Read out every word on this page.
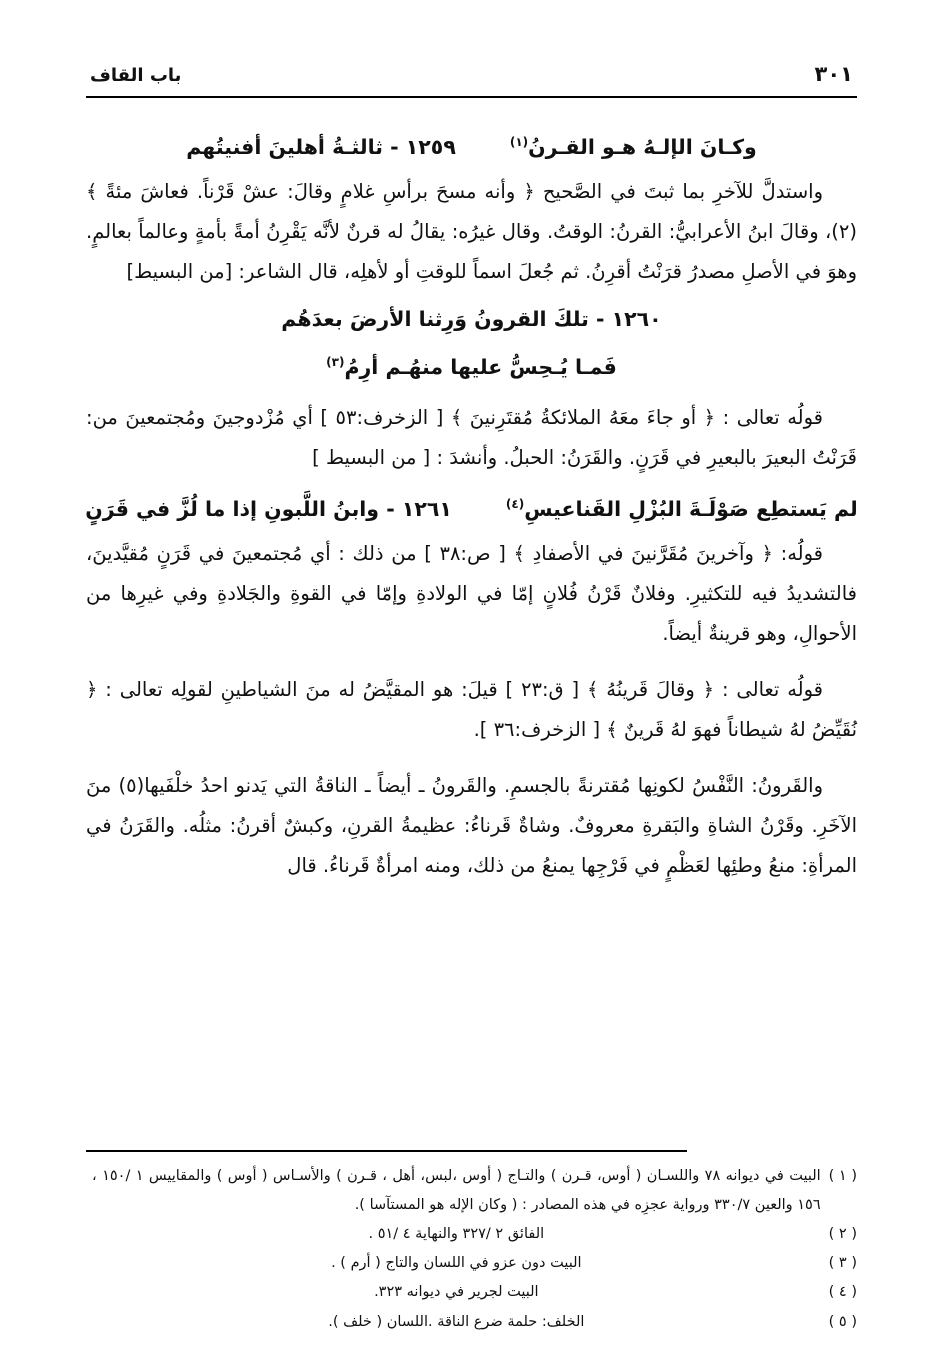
٣٠١
باب القاف
وكـانَ الإلـهُ هـو القـرنُ$^{(١)}$
١٢٥٩ - ثالثـةُ أهلينَ أفنيتُهم

واستدلَّ للآخرِ بما ثبتَ في الصَّحيح ﴿ وأنه مسحَ برأسِ غلامٍ وقالَ: عشْ قَرْناً. فعاشَ مئةً ﴾(٢)، وقالَ ابنُ الأعرابيُّ: القرنُ: الوقتُ. وقال غيرُه: يقالُ له قرنٌ لأنَّه يَقْرِنُ أمةً بأمةٍ وعالماً بعالمٍ. وهوَ في الأصلِ مصدرُ قرَنْتُ أقرِنُ. ثم جُعلَ اسماً للوقتِ أو لأهلِه، قال الشاعر: [من البسيط]

١٢٦٠ - تلكَ القرونُ وَرِثنا الأرضَ بعدَهُم
فَمـا يُـحِسُّ عليها منهُـم أرِمُ$^{(٣)}$

قولُه تعالى : ﴿ أو جاءَ معَهُ الملائكةُ مُقتَرِنينَ ﴾ [ الزخرف:٥٣ ] أي مُزْدوجينَ ومُجتمعينَ من: قَرَنْتُ البعيرَ بالبعيرِ في قَرَنٍ. والقَرَنُ: الحبلُ. وأنشدَ : [ من البسيط ]

لم يَستطِع صَوْلَـةَ البُزْلِ القَناعيسِ$^{(٤)}$
١٢٦١ - وابنُ اللَّبونِ إذا ما لُزَّ في قَرَنٍ

قولُه: ﴿ وآخرينَ مُقَرَّنينَ في الأصفادِ ﴾ [ ص:٣٨ ] من ذلك : أي مُجتمعينَ في قَرَنٍ مُقيَّدينَ، فالتشديدُ فيه للتكثيرِ. وفلانٌ قَرْنُ فُلانٍ إمّا في الولادةِ وإمّا في القوةِ والجَلادةِ وفي غيرِها من الأحوالِ، وهو قرينةٌ أيضاً.

قولُه تعالى : ﴿ وقالَ قَرينُهُ ﴾ [ ق:٢٣ ] قيلَ: هو المقيَّضُ له منَ الشياطينِ لقولِه تعالى : ﴿ نُقَيِّضُ لهُ شيطاناً فهوَ لهُ قَرينٌ ﴾ [ الزخرف:٣٦ ].

والقَرونُ: النَّفْسُ لكونِها مُقترنةً بالجسمِ. والقَرونُ ـ أيضاً ـ الناقةُ التي يَدنو احدُ خلْفَيها(٥) منَ الآخَرِ. وقَرْنُ الشاةِ والبَقرةِ معروفٌ. وشاةٌ قَرناءُ: عظيمةُ القرنِ، وكبشٌ أقرنُ: مثلُه. والقَرَنُ في المرأةِ: منعُ وطئِها لعَظْمٍ في فَرْجِها يمنعُ من ذلك، ومنه امرأةٌ قَرناءُ. قال

( ١ )
البيت في ديوانه ٧٨ واللسـان ( أوس، قـرن ) والتـاج ( أوس ،لبس، أهل ، قـرن ) والأسـاس ( أوس ) والمقاييس ١ /١٥٠ ، ١٥٦ والعين ٣٣٠/٧ ورواية عجزِه في هذه المصادر : ( وكان الإله هو المستآسا ).
( ٢ )
الفائق ٢ /٣٢٧ والنهاية ٤ /٥١ .
( ٣ )
البيت دون عزو في اللسان والتاج ( أرم ) .
( ٤ )
البيت لجرير في ديوانه ٣٢٣.
( ٥ )
الخلف: حلمة ضرع الناقة .اللسان ( خلف ).
